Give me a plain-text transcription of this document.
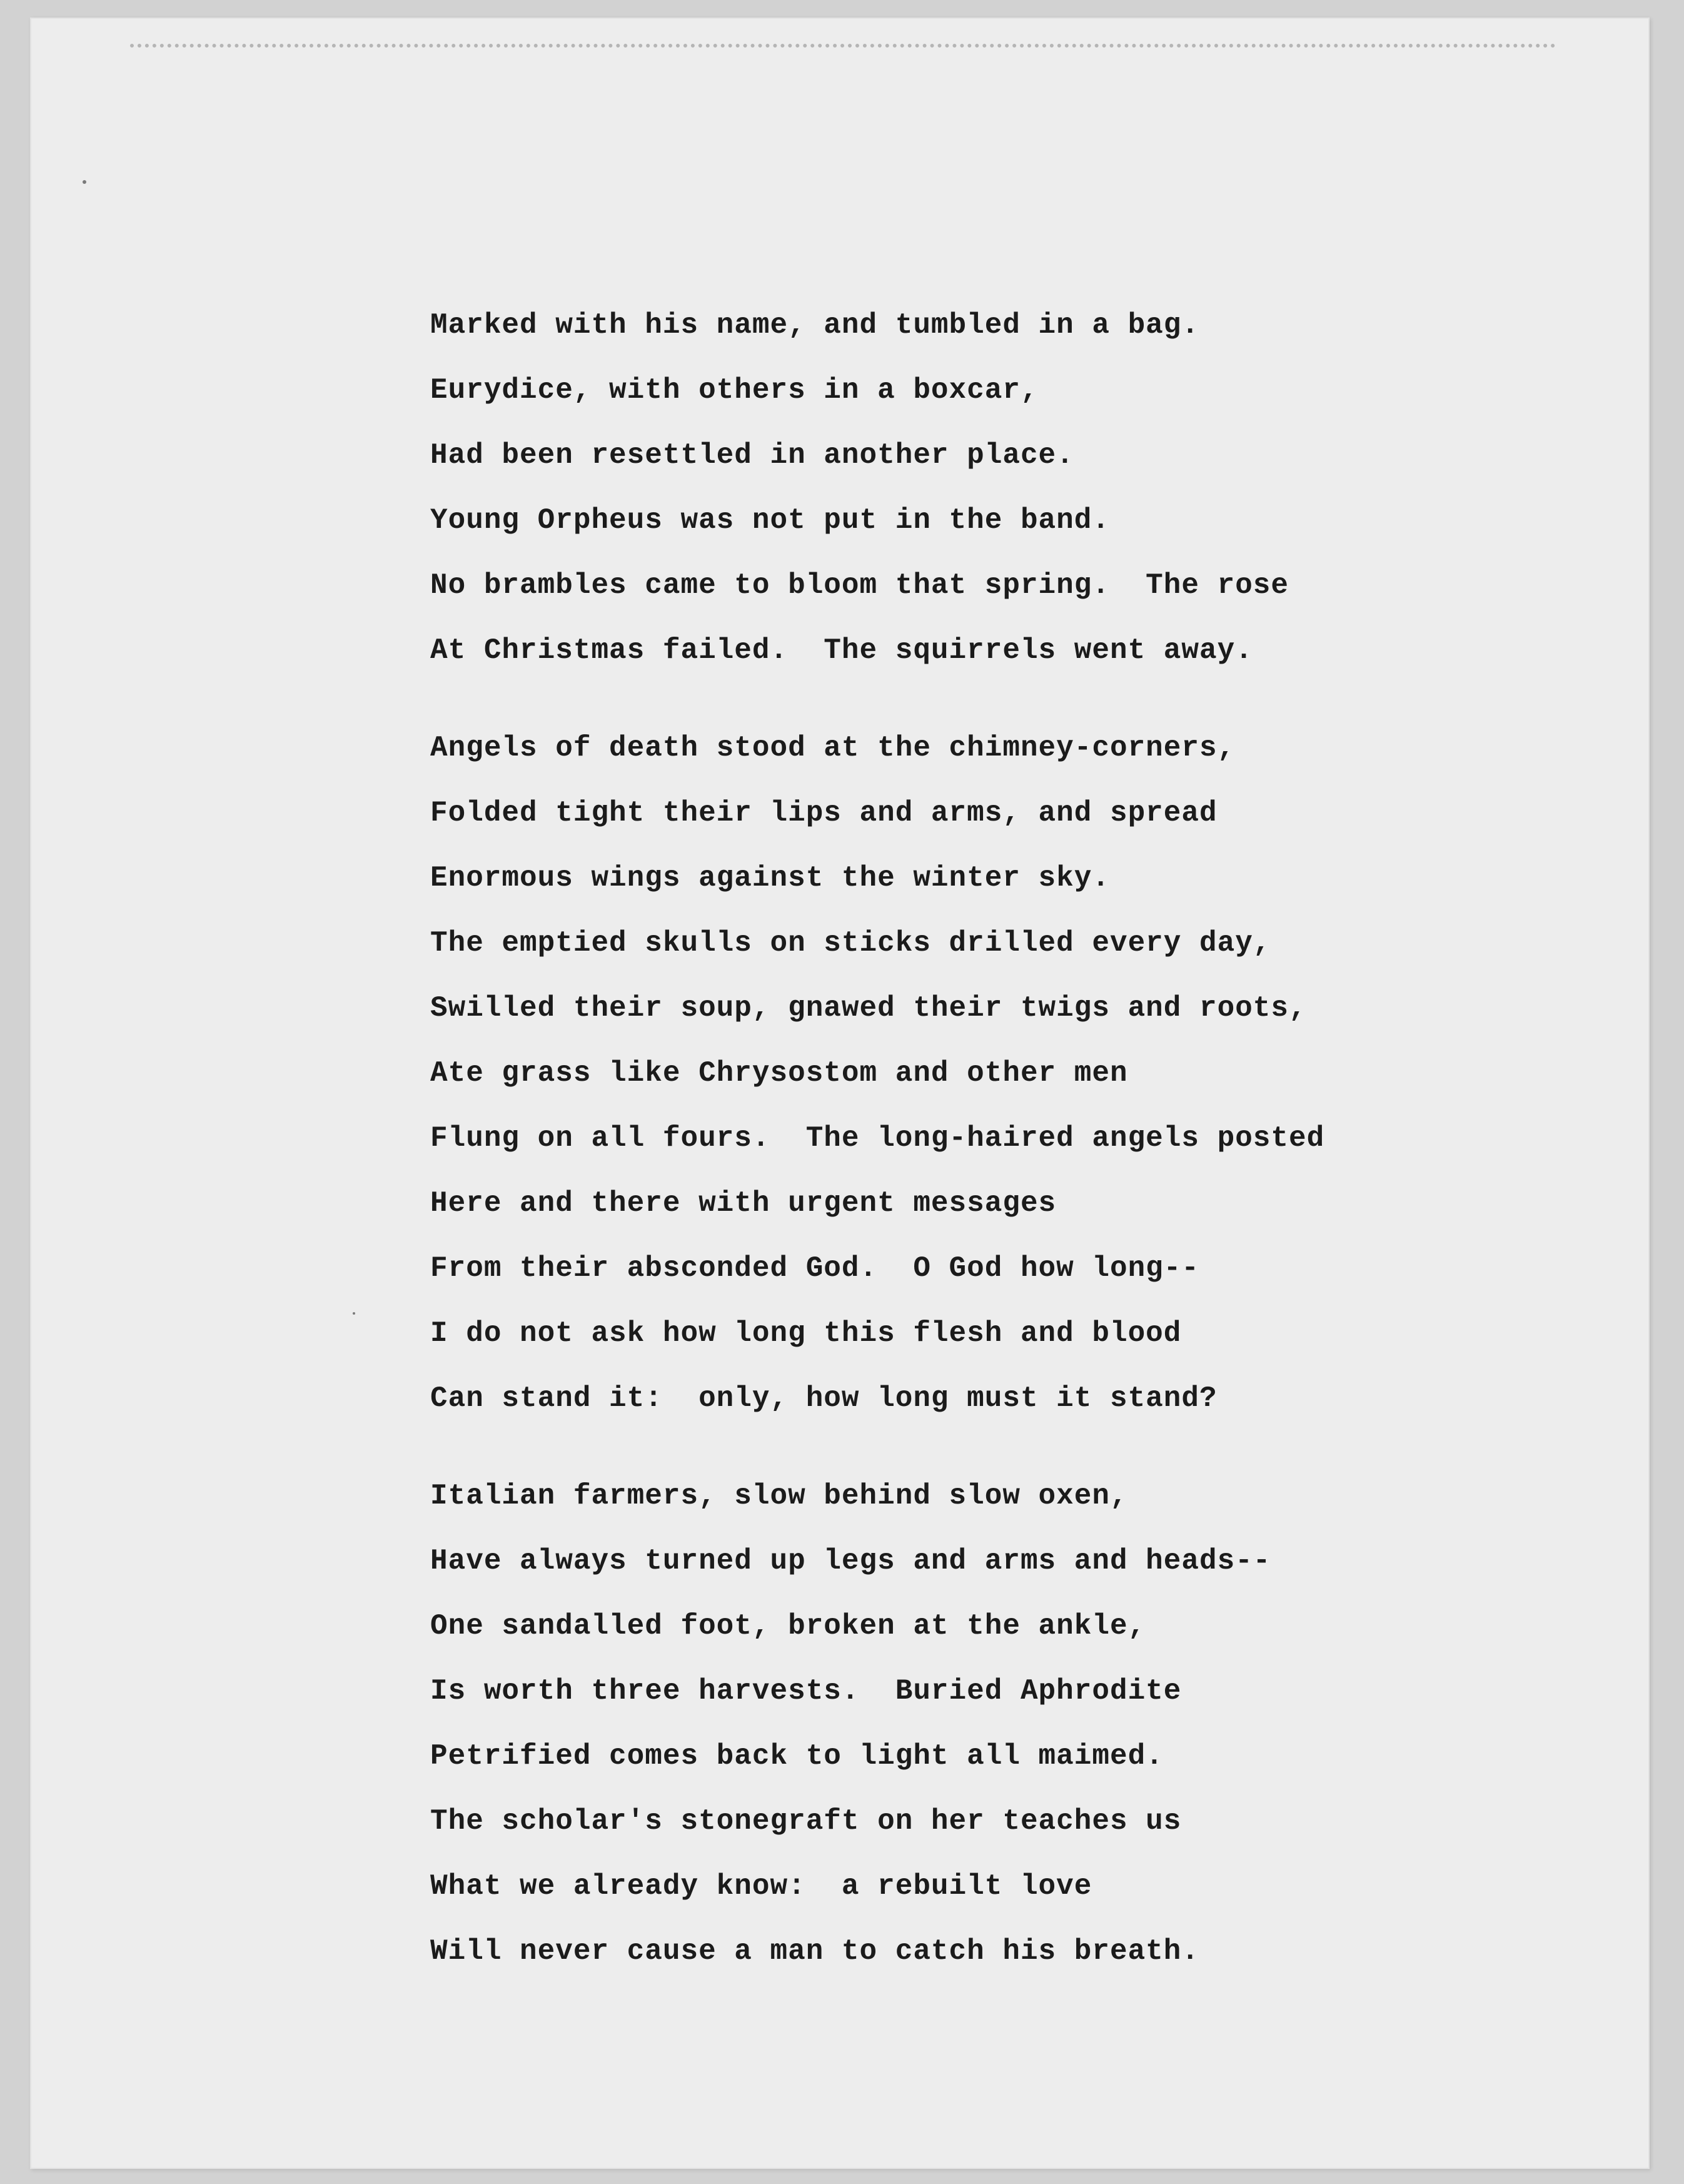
Marked with his name, and tumbled in a bag.
Eurydice, with others in a boxcar,
Had been resettled in another place.
Young Orpheus was not put in the band.
No brambles came to bloom that spring.  The rose
At Christmas failed.  The squirrels went away.
Angels of death stood at the chimney-corners,
Folded tight their lips and arms, and spread
Enormous wings against the winter sky.
The emptied skulls on sticks drilled every day,
Swilled their soup, gnawed their twigs and roots,
Ate grass like Chrysostom and other men
Flung on all fours.  The long-haired angels posted
Here and there with urgent messages
From their absconded God.  O God how long--
I do not ask how long this flesh and blood
Can stand it:  only, how long must it stand?
Italian farmers, slow behind slow oxen,
Have always turned up legs and arms and heads--
One sandalled foot, broken at the ankle,
Is worth three harvests.  Buried Aphrodite
Petrified comes back to light all maimed.
The scholar's stonegraft on her teaches us
What we already know:  a rebuilt love
Will never cause a man to catch his breath.
